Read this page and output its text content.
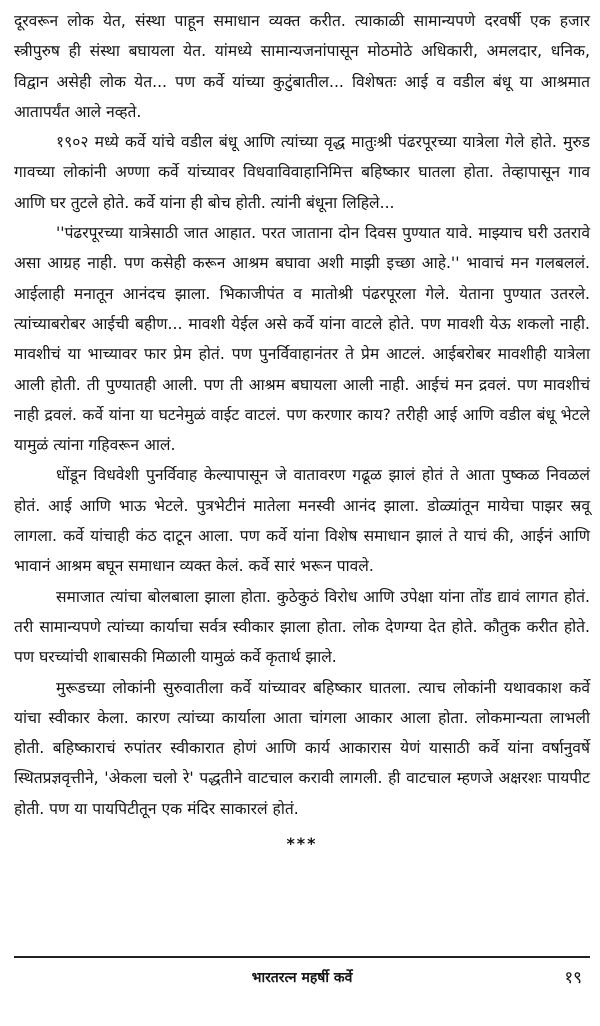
दूरवरून लोक येत, संस्था पाहून समाधान व्यक्त करीत. त्याकाळी सामान्यपणे दरवर्षी एक हजार स्त्रीपुरुष ही संस्था बघायला येत. यांमध्ये सामान्यजनांपासून मोठमोठे अधिकारी, अमलदार, धनिक, विद्वान असेही लोक येत... पण कर्वे यांच्या कुटुंबातील... विशेषतः आई व वडील बंधू या आश्रमात आतापर्यंत आले नव्हते.

१९०२ मध्ये कर्वे यांचे वडील बंधू आणि त्यांच्या वृद्ध मातुःश्री पंढरपूरच्या यात्रेला गेले होते. मुरुड गावच्या लोकांनी अण्णा कर्वे यांच्यावर विधवाविवाहानिमित्त बहिष्कार घातला होता. तेव्हापासून गाव आणि घर तुटले होते. कर्वे यांना ही बोच होती. त्यांनी बंधूना लिहिले...

''पंढरपूरच्या यात्रेसाठी जात आहात. परत जाताना दोन दिवस पुण्यात यावे. माझ्याच घरी उतरावे असा आग्रह नाही. पण कसेही करून आश्रम बघावा अशी माझी इच्छा आहे.'' भावाचं मन गलबललं. आईलाही मनातून आनंदच झाला. भिकाजीपंत व मातोश्री पंढरपूरला गेले. येताना पुण्यात उतरले. त्यांच्याबरोबर आईची बहीण... मावशी येईल असे कर्वे यांना वाटले होते. पण मावशी येऊ शकलो नाही. मावशीचं या भाच्यावर फार प्रेम होतं. पण पुनर्विवाहानंतर ते प्रेम आटलं. आईबरोबर मावशीही यात्रेला आली होती. ती पुण्यातही आली. पण ती आश्रम बघायला आली नाही. आईचं मन द्रवलं. पण मावशीचं नाही द्रवलं. कर्वे यांना या घटनेमुळं वाईट वाटलं. पण करणार काय? तरीही आई आणि वडील बंधू भेटले यामुळं त्यांना गहिवरून आलं.

धोंडून विधवेशी पुनर्विवाह केल्यापासून जे वातावरण गढूळ झालं होतं ते आता पुष्कळ निवळलं होतं. आई आणि भाऊ भेटले. पुत्रभेटीनं मातेला मनस्वी आनंद झाला. डोळ्यांतून मायेचा पाझर स्रवू लागला. कर्वे यांचाही कंठ दाटून आला. पण कर्वे यांना विशेष समाधान झालं ते याचं की, आईनं आणि भावानं आश्रम बघून समाधान व्यक्त केलं. कर्वे सारं भरून पावले.

समाजात त्यांचा बोलबाला झाला होता. कुठेकुठं विरोध आणि उपेक्षा यांना तोंड द्यावं लागत होतं. तरी सामान्यपणे त्यांच्या कार्याचा सर्वत्र स्वीकार झाला होता. लोक देणग्या देत होते. कौतुक करीत होते. पण घरच्यांची शाबासकी मिळाली यामुळं कर्वे कृतार्थ झाले.

मुरूडच्या लोकांनी सुरुवातीला कर्वे यांच्यावर बहिष्कार घातला. त्याच लोकांनी यथावकाश कर्वे यांचा स्वीकार केला. कारण त्यांच्या कार्याला आता चांगला आकार आला होता. लोकमान्यता लाभली होती. बहिष्काराचं रुपांतर स्वीकारात होणं आणि कार्य आकारास येणं यासाठी कर्वे यांना वर्षानुवर्षे स्थितप्रज्ञवृत्तीने, 'अेकला चलो रे' पद्धतीने वाटचाल करावी लागली. ही वाटचाल म्हणजे अक्षरशः पायपीट होती. पण या पायपिटीतून एक मंदिर साकारलं होतं.

***
भारतरत्न महर्षी कर्वे	१९
